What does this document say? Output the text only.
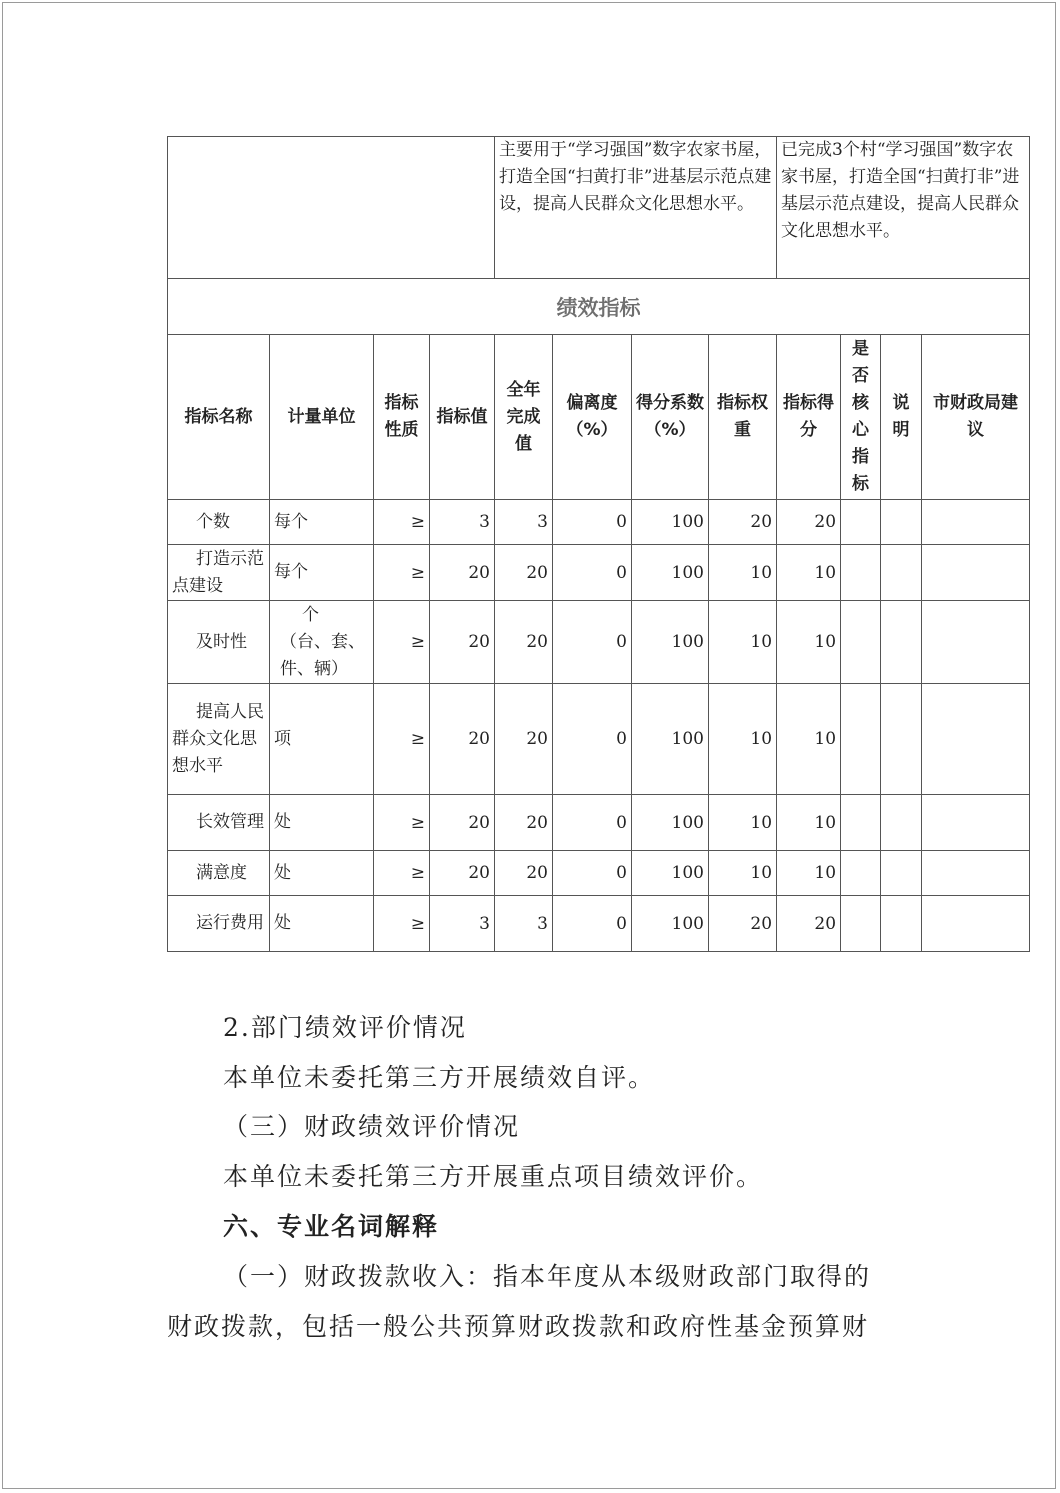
				主要用于“学习强国”数字农家书屋，打造全国“扫黄打非”进基层示范点建设，提高人民群众文化思想水平。				已完成3个村“学习强国”数字农家书屋，打造全国“扫黄打非”进基层示范点建设，提高人民群众文化思想水平。			
绩效指标											

指标名称	计量单位	指标性质	指标值	全年完成值	偏离度（%）	得分系数（%）	指标权重	指标得分	是否核心指标	说明	市财政局建议

个数	每个	≥	3	3	0	100	20	20			
打造示范点建设	每个	≥	20	20	0	100	10	10			
及时性	个（台、套、件、辆）	≥	20	20	0	100	10	10			
提高人民群众文化思想水平	项	≥	20	20	0	100	10	10			
长效管理	处	≥	20	20	0	100	10	10			
满意度	处	≥	20	20	0	100	10	10			
运行费用	处	≥	3	3	0	100	20	20			
2.部门绩效评价情况
本单位未委托第三方开展绩效自评。
（三）财政绩效评价情况
本单位未委托第三方开展重点项目绩效评价。
六、专业名词解释
（一）财政拨款收入：指本年度从本级财政部门取得的
财政拨款，包括一般公共预算财政拨款和政府性基金预算财
